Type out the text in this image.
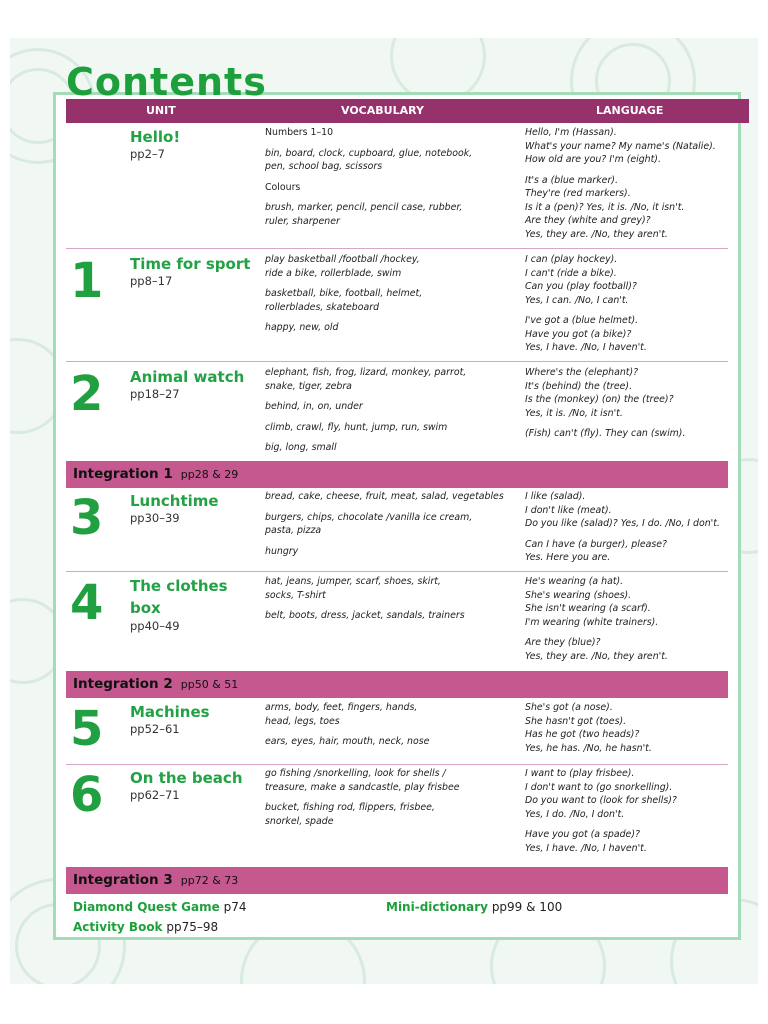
Contents
UNIT	VOCABULARY	LANGUAGE
Hello!
pp2–7
Numbers 1–10
bin, board, clock, cupboard, glue, notebook,
pen, school bag, scissors
Colours
brush, marker, pencil, pencil case, rubber,
ruler, sharpener
Hello, I'm (Hassan).
What's your name? My name's (Natalie).
How old are you? I'm (eight).
It's a (blue marker).
They're (red markers).
Is it a (pen)? Yes, it is. /No, it isn't.
Are they (white and grey)?
Yes, they are. /No, they aren't.
1 Time for sport
pp8–17
play basketball /football /hockey,
ride a bike, rollerblade, swim
basketball, bike, football, helmet,
rollerblades, skateboard
happy, new, old
I can (play hockey).
I can't (ride a bike).
Can you (play football)?
Yes, I can. /No, I can't.
I've got a (blue helmet).
Have you got (a bike)?
Yes, I have. /No, I haven't.
2 Animal watch
pp18–27
elephant, fish, frog, lizard, monkey, parrot,
snake, tiger, zebra
behind, in, on, under
climb, crawl, fly, hunt, jump, run, swim
big, long, small
Where's the (elephant)?
It's (behind) the (tree).
Is the (monkey) (on) the (tree)?
Yes, it is. /No, it isn't.
(Fish) can't (fly). They can (swim).
3 Lunchtime
pp30–39
bread, cake, cheese, fruit, meat, salad, vegetables
burgers, chips, chocolate /vanilla ice cream,
pasta, pizza
hungry
I like (salad).
I don't like (meat).
Do you like (salad)? Yes, I do. /No, I don't.
Can I have (a burger), please?
Yes. Here you are.
4 The clothes box
pp40–49
hat, jeans, jumper, scarf, shoes, skirt,
socks, T-shirt
belt, boots, dress, jacket, sandals, trainers
He's wearing (a hat).
She's wearing (shoes).
She isn't wearing (a scarf).
I'm wearing (white trainers).
Are they (blue)?
Yes, they are. /No, they aren't.
5 Machines
pp52–61
arms, body, feet, fingers, hands,
head, legs, toes
ears, eyes, hair, mouth, neck, nose
She's got (a nose).
She hasn't got (toes).
Has he got (two heads)?
Yes, he has. /No, he hasn't.
6 On the beach
pp62–71
go fishing /snorkelling, look for shells /
treasure, make a sandcastle, play frisbee
bucket, fishing rod, flippers, frisbee,
snorkel, spade
I want to (play frisbee).
I don't want to (go snorkelling).
Do you want to (look for shells)?
Yes, I do. /No, I don't.
Have you got (a spade)?
Yes, I have. /No, I haven't.
Integration 1 pp28 & 29
Integration 2 pp50 & 51
Integration 3 pp72 & 73
Diamond Quest Game p74
Activity Book pp75–98
Mini-dictionary pp99 & 100
